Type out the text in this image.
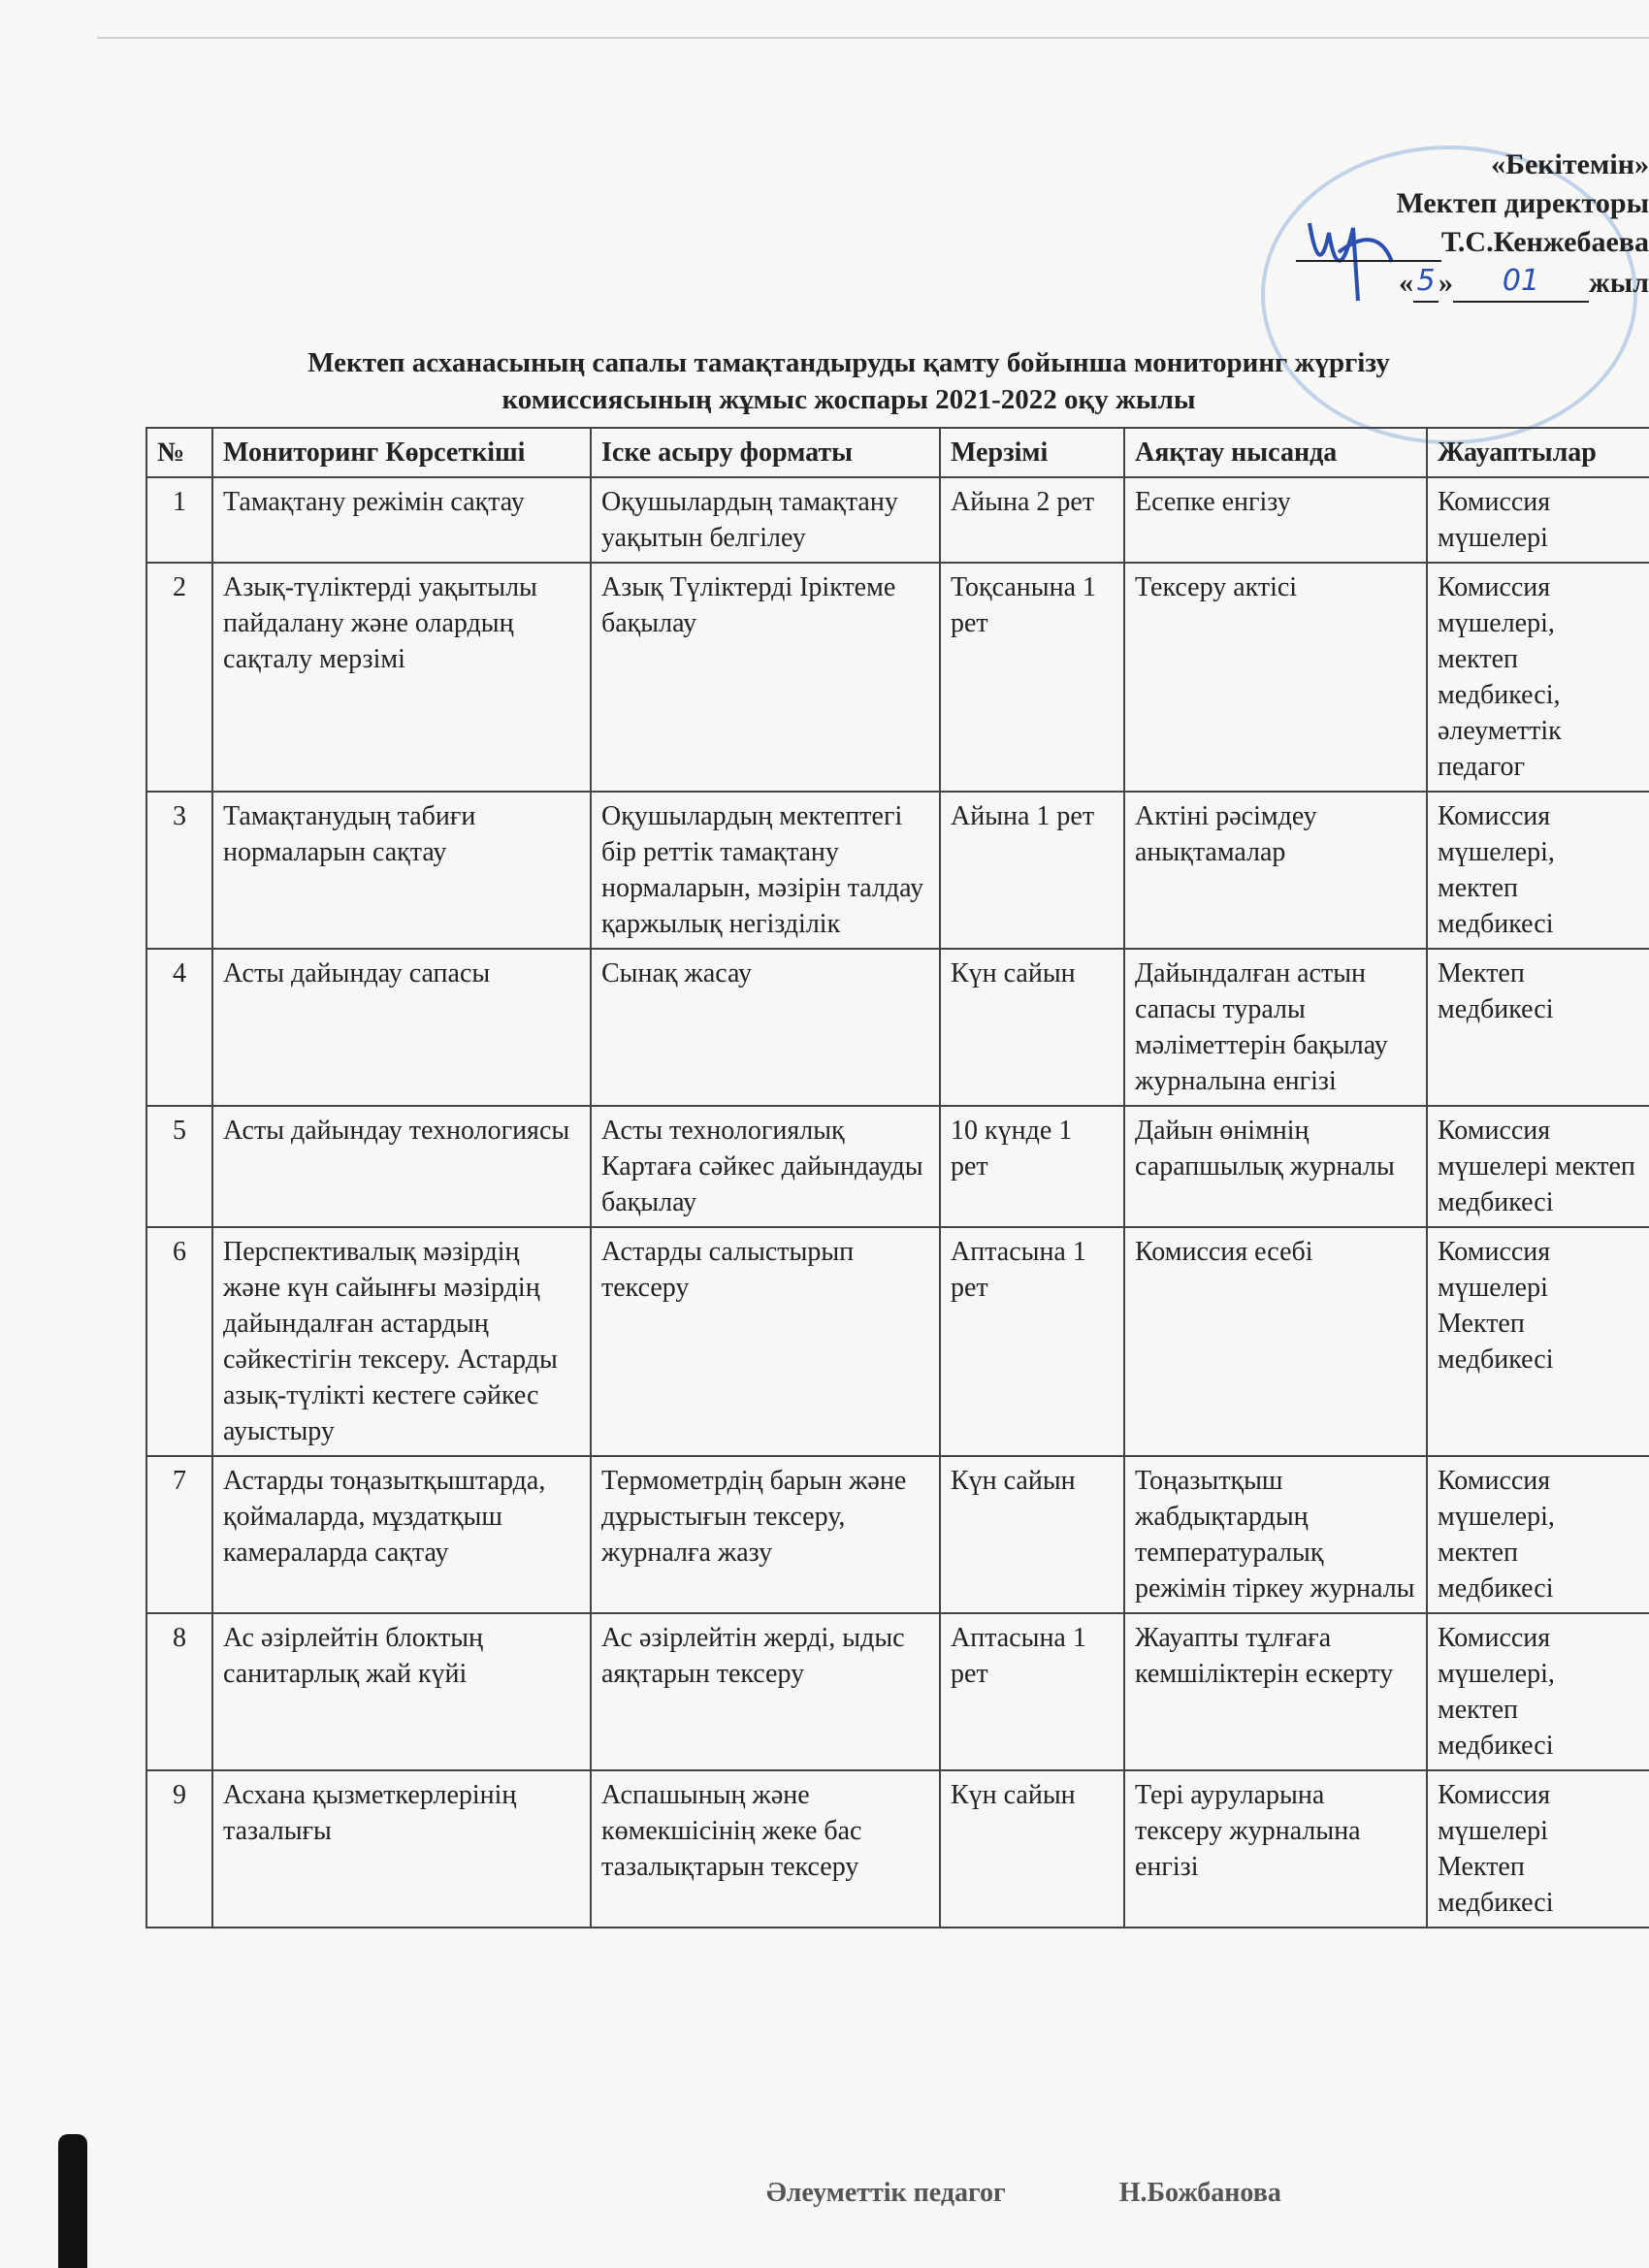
«Бекітемін»
Мектеп директоры
Т.С.Кенжебаева
« 5 » 01 жыл
Мектеп асханасының сапалы тамақтандыруды қамту бойынша мониторинг жүргізу
комиссиясының жұмыс жоспары 2021-2022 оқу жылы
№	Мониторинг Көрсеткіші	Іске асыру форматы	Мерзімі	Аяқтау нысанда	Жауаптылар
1	Тамақтану режімін сақтау	Оқушылардың тамақтану уақытын белгілеу	Айына 2 рет	Есепке енгізу	Комиссия мүшелері
2	Азық-түліктерді уақытылы пайдалану және олардың сақталу мерзімі	Азық Түліктерді Іріктеме бақылау	Тоқсанына 1 рет	Тексеру актісі	Комиссия мүшелері, мектеп медбикесі, әлеуметтік педагог
3	Тамақтанудың табиғи нормаларын сақтау	Оқушылардың мектептегі бір реттік тамақтану нормаларын, мәзірін талдау қаржылық негізділік	Айына 1 рет	Актіні рәсімдеу анықтамалар	Комиссия мүшелері, мектеп медбикесі
4	Асты дайындау сапасы	Сынақ жасау	Күн сайын	Дайындалған астын сапасы туралы мәліметтерін бақылау журналына енгізі	Мектеп медбикесі
5	Асты дайындау технологиясы	Асты технологиялық Картаға сәйкес дайындауды бақылау	10 күнде 1 рет	Дайын өнімнің сарапшылық журналы	Комиссия мүшелері мектеп медбикесі
6	Перспективалық мәзірдің және күн сайынғы мәзірдің дайындалған астардың сәйкестігін тексеру. Астарды азық-түлікті кестеге сәйкес ауыстыру	Астарды салыстырып тексеру	Аптасына 1 рет	Комиссия есебі	Комиссия мүшелері Мектеп медбикесі
7	Астарды тоңазытқыштарда, қоймаларда, мұздатқыш камераларда сақтау	Термометрдің барын және дұрыстығын тексеру, журналға жазу	Күн сайын	Тоңазытқыш жабдықтардың температуралық режімін тіркеу журналы	Комиссия мүшелері, мектеп медбикесі
8	Ас әзірлейтін блоктың санитарлық жай күйі	Ас әзірлейтін жерді, ыдыс аяқтарын тексеру	Аптасына 1 рет	Жауапты тұлғаға кемшіліктерін ескерту	Комиссия мүшелері, мектеп медбикесі
9	Асхана қызметкерлерінің тазалығы	Аспашының және көмекшісінің жеке бас тазалықтарын тексеру	Күн сайын	Тері ауруларына тексеру журналына енгізі	Комиссия мүшелері Мектеп медбикесі
Әлеуметтік педагог	Н.Божбанова
